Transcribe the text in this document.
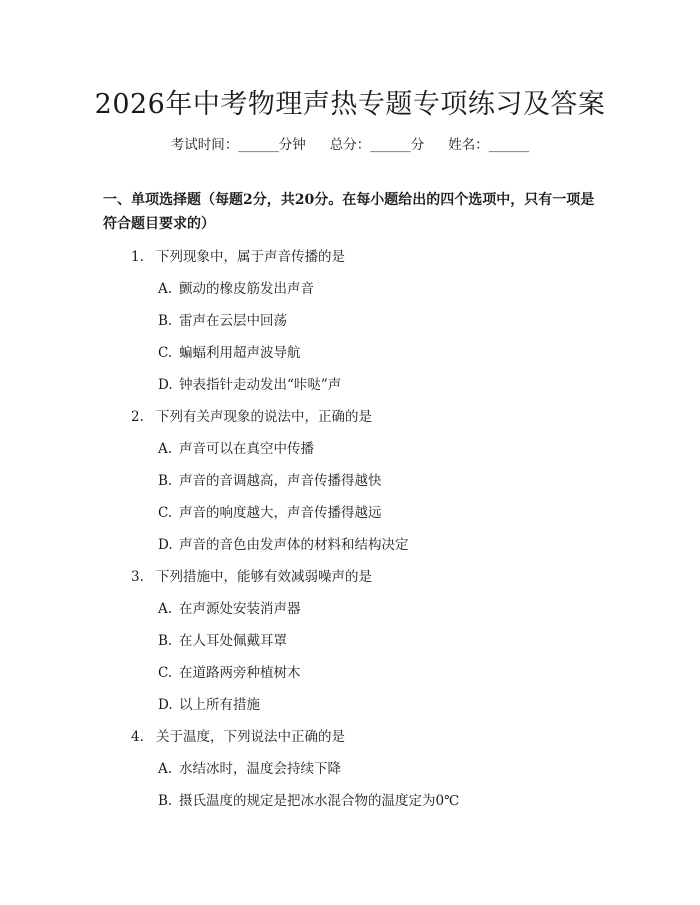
2026年中考物理声热专题专项练习及答案
考试时间：______分钟 总分：______分 姓名：______
一、单项选择题（每题2分，共20分。在每小题给出的四个选项中，只有一项是符合题目要求的）
1. 下列现象中，属于声音传播的是
A. 颤动的橡皮筋发出声音
B. 雷声在云层中回荡
C. 蝙蝠利用超声波导航
D. 钟表指针走动发出“咔哒”声
2. 下列有关声现象的说法中，正确的是
A. 声音可以在真空中传播
B. 声音的音调越高，声音传播得越快
C. 声音的响度越大，声音传播得越远
D. 声音的音色由发声体的材料和结构决定
3. 下列措施中，能够有效减弱噪声的是
A. 在声源处安装消声器
B. 在人耳处佩戴耳罩
C. 在道路两旁种植树木
D. 以上所有措施
4. 关于温度，下列说法中正确的是
A. 水结冰时，温度会持续下降
B. 摄氏温度的规定是把冰水混合物的温度定为0℃
